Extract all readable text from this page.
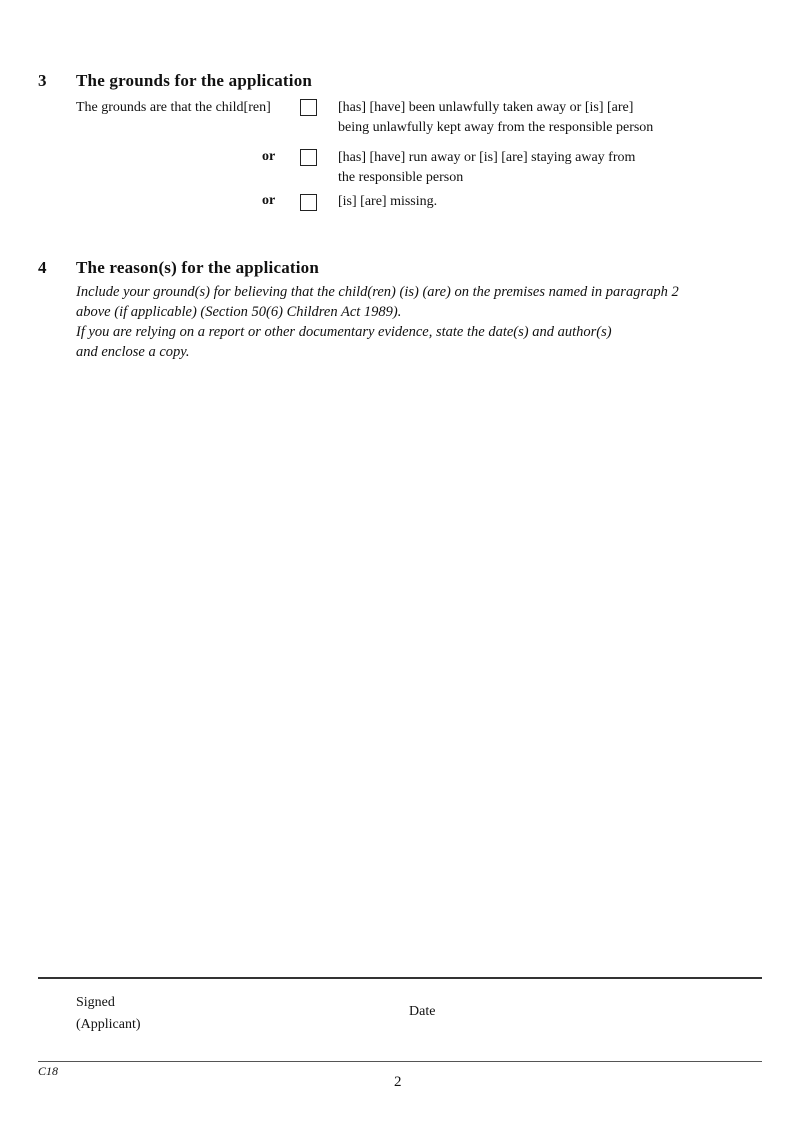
3 The grounds for the application
The grounds are that the child[ren]	[has] [have] been unlawfully taken away or [is] [are]
being unlawfully kept away from the responsible person
or	[has] [have] run away or [is] [are] staying away from
the responsible person
or	[is] [are] missing.
4 The reason(s) for the application
Include your ground(s) for believing that the child(ren) (is) (are) on the premises named in paragraph 2
above (if applicable) (Section 50(6) Children Act 1989).
If you are relying on a report or other documentary evidence, state the date(s) and author(s)
and enclose a copy.
Signed
(Applicant)
Date
C18
2
